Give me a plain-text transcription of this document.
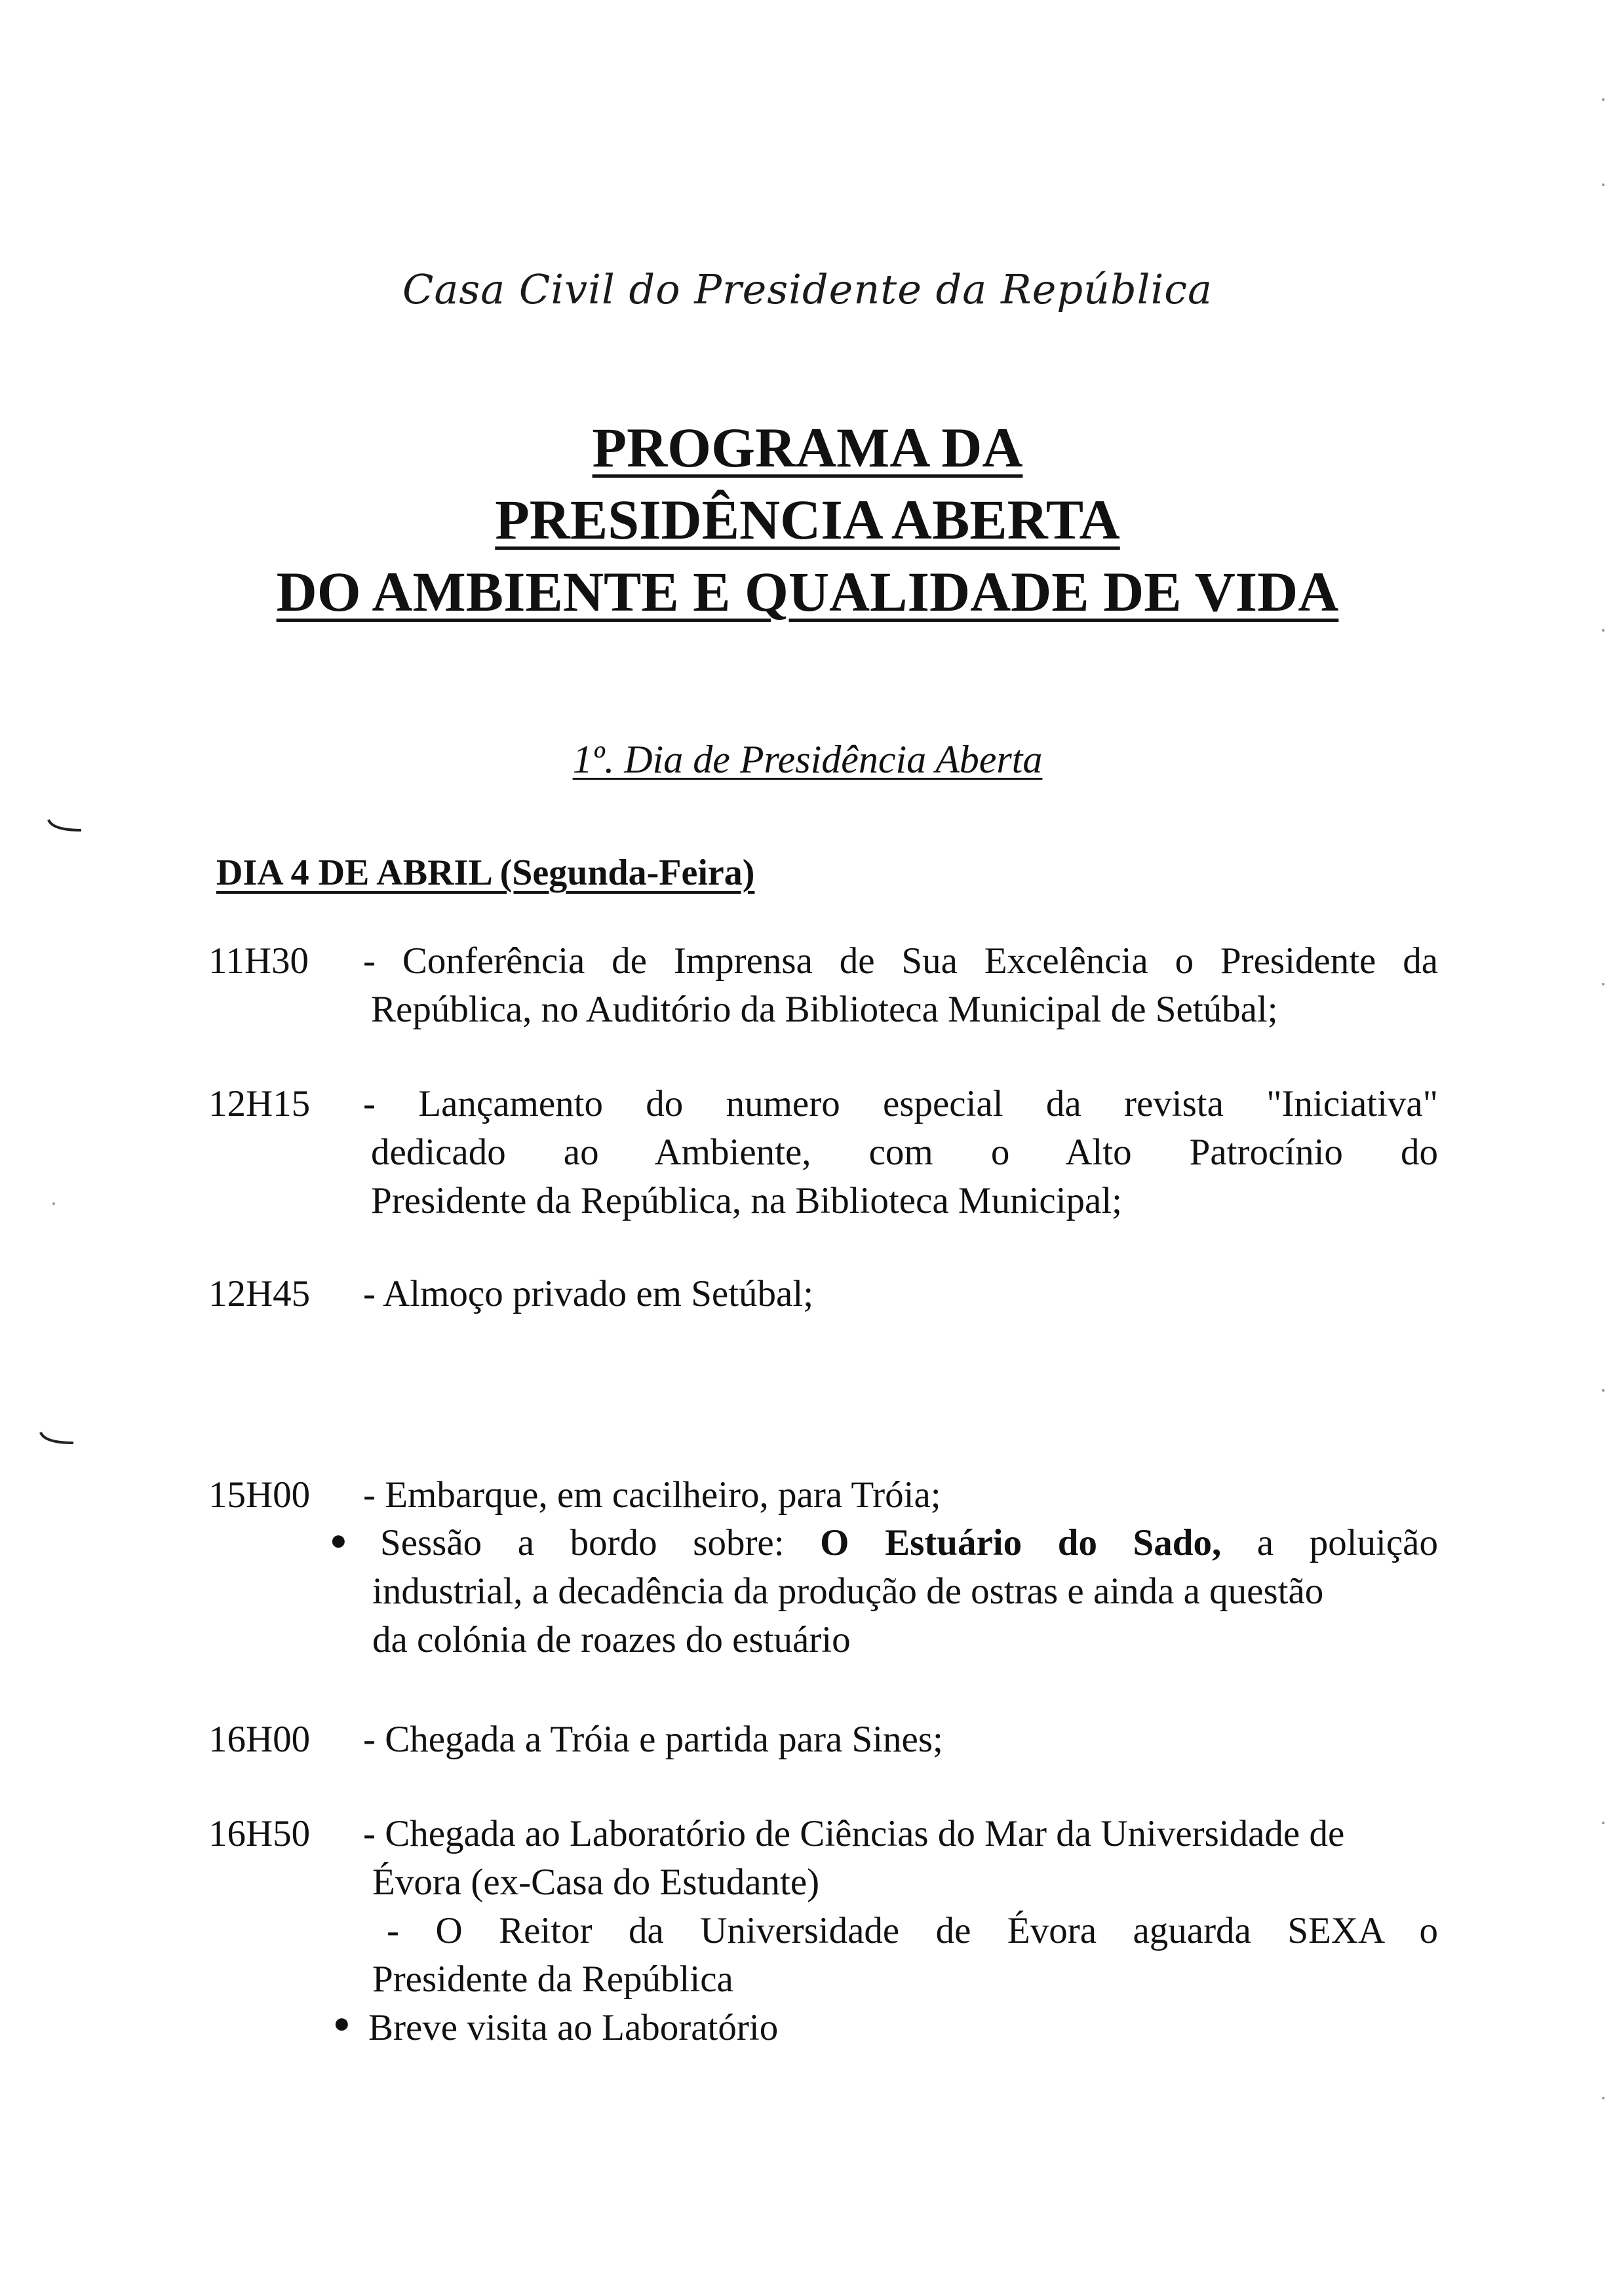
Casa Civil do Presidente da República
PROGRAMA DA
PRESIDÊNCIA ABERTA
DO AMBIENTE E QUALIDADE DE VIDA
1º. Dia de Presidência Aberta
DIA 4 DE ABRIL (Segunda-Feira)
11H30 - Conferência de Imprensa de Sua Excelência o Presidente da
República, no Auditório da Biblioteca Municipal de Setúbal;
12H15 - Lançamento do numero especial da revista "Iniciativa"
dedicado ao Ambiente, com o Alto Patrocínio do
Presidente da República, na Biblioteca Municipal;
12H45 - Almoço privado em Setúbal;
15H00 - Embarque, em cacilheiro, para Tróia;
● Sessão a bordo sobre: O Estuário do Sado, a poluição
industrial, a decadência da produção de ostras e ainda a questão
da colónia de roazes do estuário
16H00 - Chegada a Tróia e partida para Sines;
16H50 - Chegada ao Laboratório de Ciências do Mar da Universidade de
Évora (ex-Casa do Estudante)
- O Reitor da Universidade de Évora aguarda SEXA o
Presidente da República
● Breve visita ao Laboratório
